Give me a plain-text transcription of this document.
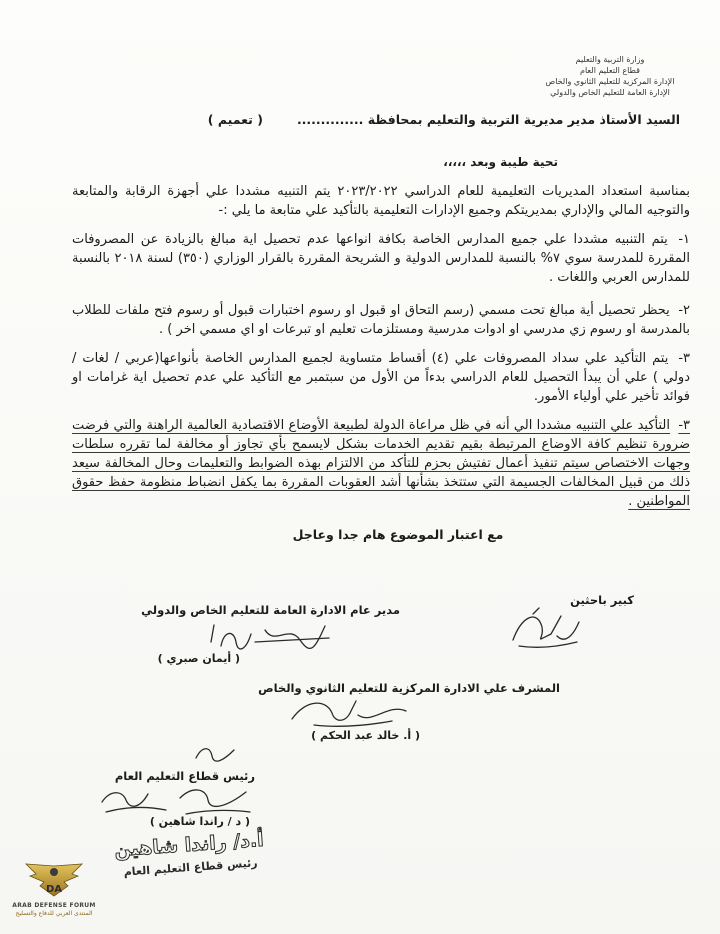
وزارة التربية والتعليم
قطاع التعليم العام
الإدارة المركزية للتعليم الثانوي والخاص
الإدارة العامة للتعليم الخاص والدولي
السيد الأستاذ مدير مديرية التربية والتعليم بمحافظة ..............( تعميم )
تحية طيبة وبعد ،،،،،

بمناسبة استعداد المديريات التعليمية للعام الدراسي ٢٠٢٣/٢٠٢٢ يتم التنبيه مشددا علي أجهزة الرقابة والمتابعة والتوجيه المالي والإداري بمديريتكم وجميع الإدارات التعليمية بالتأكيد علي متابعة ما يلي :-

١- يتم التنبيه مشددا علي جميع المدارس الخاصة بكافة انواعها عدم تحصيل اية مبالغ بالزيادة عن المصروفات المقررة للمدرسة سوي ٧% بالنسبة للمدارس الدولية و الشريحة المقررة بالقرار الوزاري (٣٥٠) لسنة ٢٠١٨ بالنسبة للمدارس العربي واللغات .

٢- يحظر تحصيل أية مبالغ تحت مسمي (رسم التحاق او قبول او رسوم اختبارات قبول أو رسوم فتح ملفات للطلاب بالمدرسة او رسوم زي مدرسي او ادوات مدرسية ومستلزمات تعليم او تبرعات او اي مسمي اخر ) .

٣- يتم التأكيد علي سداد المصروفات علي (٤) أقساط متساوية لجميع المدارس الخاصة بأنواعها(عربي / لغات / دولي ) علي أن يبدأ التحصيل للعام الدراسي بدءاً من الأول من سبتمبر مع التأكيد علي عدم تحصيل اية غرامات او فوائد تأخير علي أولياء الأمور.

٣- التأكيد علي التنبيه مشددا الي أنه في ظل مراعاة الدولة لطبيعة الأوضاع الاقتصادية العالمية الراهنة والتي فرضت ضرورة تنظيم كافة الاوضاع المرتبطة بقيم تقديم الخدمات بشكل لايسمح بأي تجاوز أو مخالفة لما تقرره سلطات وجهات الاختصاص سيتم تنفيذ أعمال تفتيش بحزم للتأكد من الالتزام بهذه الضوابط والتعليمات وحال المخالفة سيعد ذلك من قبيل المخالفات الجسيمة التي ستتخذ بشأنها أشد العقوبات المقررة بما يكفل انضباط منظومة حفظ حقوق المواطنين .

مع اعتبار الموضوع هام جدا وعاجل

كبير باحثين
مدير عام الادارة العامة للتعليم الخاص والدولي
( أيمان صبري )
المشرف علي الادارة المركزية للتعليم الثانوي والخاص
( أ. خالد عبد الحكم )
رئيس قطاع التعليم العام
( د / راندا شاهين )
أ.د/ راندا شاهين
رئيس قطاع التعليم العام
DA
ARAB DEFENSE FORUM
المنتدى العربي للدفاع والتسليح
